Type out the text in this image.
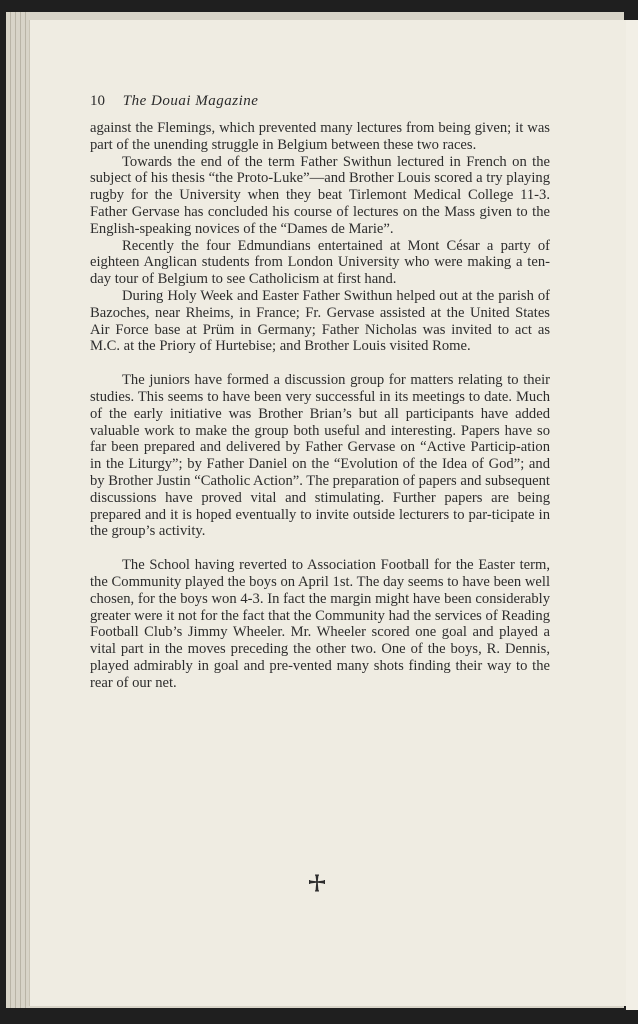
10 The Douai Magazine

against the Flemings, which prevented many lectures from being given; it was part of the unending struggle in Belgium between these two races.

Towards the end of the term Father Swithun lectured in French on the subject of his thesis “the Proto-Luke”—and Brother Louis scored a try playing rugby for the University when they beat Tirlemont Medical College 11-3. Father Gervase has concluded his course of lectures on the Mass given to the English-speaking novices of the “Dames de Marie”.

Recently the four Edmundians entertained at Mont César a party of eighteen Anglican students from London University who were making a ten-day tour of Belgium to see Catholicism at first hand.

During Holy Week and Easter Father Swithun helped out at the parish of Bazoches, near Rheims, in France; Fr. Gervase assisted at the United States Air Force base at Prüm in Germany; Father Nicholas was invited to act as M.C. at the Priory of Hurtebise; and Brother Louis visited Rome.

The juniors have formed a discussion group for matters relating to their studies. This seems to have been very successful in its meetings to date. Much of the early initiative was Brother Brian’s but all participants have added valuable work to make the group both useful and interesting. Papers have so far been prepared and delivered by Father Gervase on “Active Particip-ation in the Liturgy”; by Father Daniel on the “Evolution of the Idea of God”; and by Brother Justin “Catholic Action”. The preparation of papers and subsequent discussions have proved vital and stimulating. Further papers are being prepared and it is hoped eventually to invite outside lecturers to par-ticipate in the group’s activity.

The School having reverted to Association Football for the Easter term, the Community played the boys on April 1st. The day seems to have been well chosen, for the boys won 4-3. In fact the margin might have been considerably greater were it not for the fact that the Community had the services of Reading Football Club’s Jimmy Wheeler. Mr. Wheeler scored one goal and played a vital part in the moves preceding the other two. One of the boys, R. Dennis, played admirably in goal and pre-vented many shots finding their way to the rear of our net.
